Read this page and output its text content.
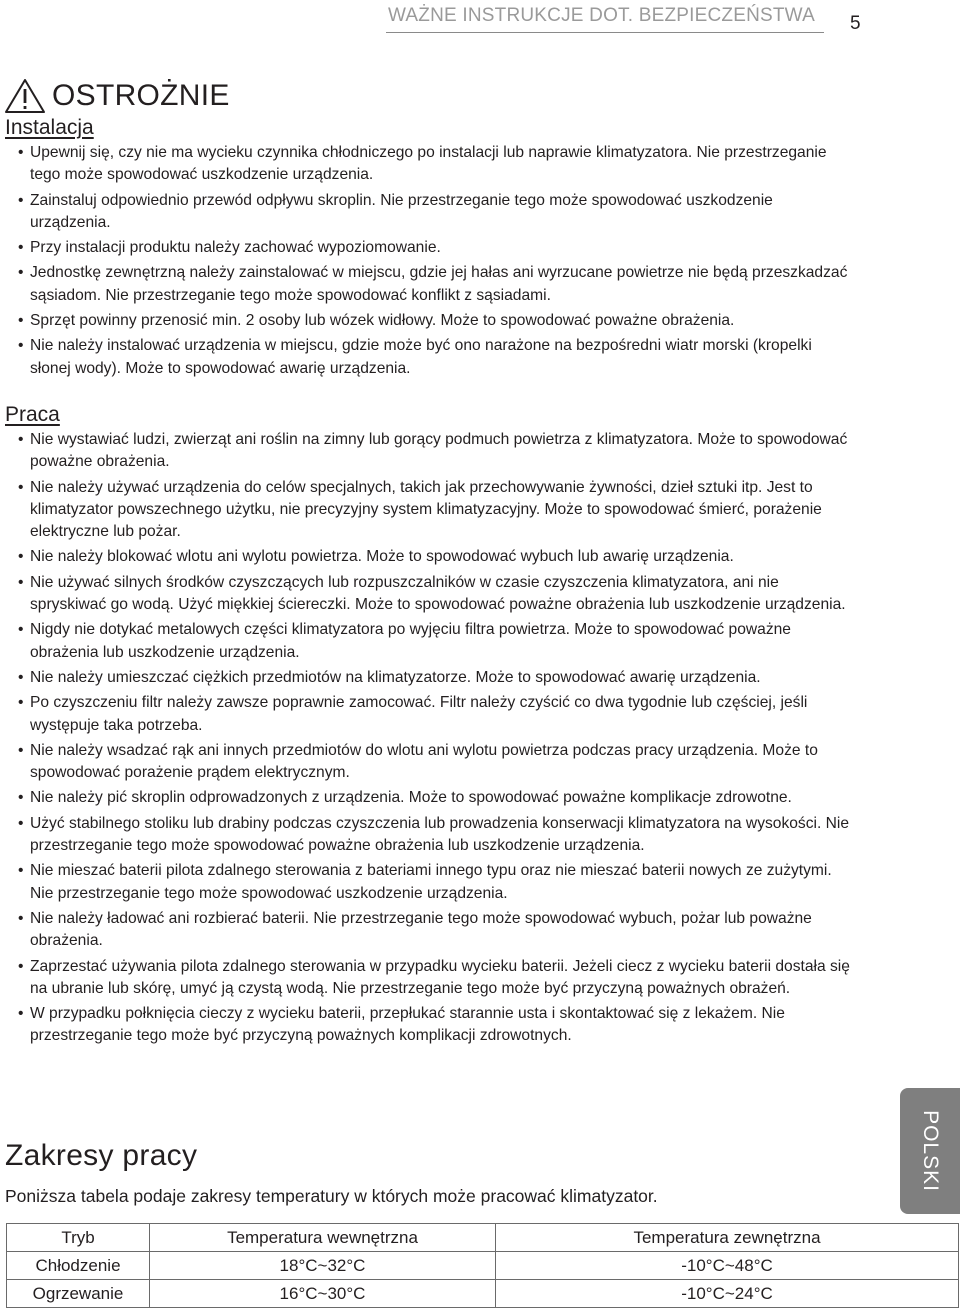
WAŻNE INSTRUKCJE DOT. BEZPIECZEŃSTWA 5
OSTROŻNIE
Instalacja
• Upewnij się, czy nie ma wycieku czynnika chłodniczego po instalacji lub naprawie klimatyzatora. Nie przestrzeganie tego może spowodować uszkodzenie urządzenia.
• Zainstaluj odpowiednio przewód odpływu skroplin. Nie przestrzeganie tego może spowodować uszkodzenie urządzenia.
• Przy instalacji produktu należy zachować wypoziomowanie.
• Jednostkę zewnętrzną należy zainstalować w miejscu, gdzie jej hałas ani wyrzucane powietrze nie będą przeszkadzać sąsiadom. Nie przestrzeganie tego może spowodować konflikt z sąsiadami.
• Sprzęt powinny przenosić min. 2 osoby lub wózek widłowy. Może to spowodować poważne obrażenia.
• Nie należy instalować urządzenia w miejscu, gdzie może być ono narażone na bezpośredni wiatr morski (kropelki słonej wody). Może to spowodować awarię urządzenia.
Praca
• Nie wystawiać ludzi, zwierząt ani roślin na zimny lub gorący podmuch powietrza z klimatyzatora. Może to spowodować poważne obrażenia.
• Nie należy używać urządzenia do celów specjalnych, takich jak przechowywanie żywności, dzieł sztuki itp. Jest to klimatyzator powszechnego użytku, nie precyzyjny system klimatyzacyjny. Może to spowodować śmierć, porażenie elektryczne lub pożar.
• Nie należy blokować wlotu ani wylotu powietrza. Może to spowodować wybuch lub awarię urządzenia.
• Nie używać silnych środków czyszczących lub rozpuszczalników w czasie czyszczenia klimatyzatora, ani nie spryskiwać go wodą. Użyć miękkiej ściereczki. Może to spowodować poważne obrażenia lub uszkodzenie urządzenia.
• Nigdy nie dotykać metalowych części klimatyzatora po wyjęciu filtra powietrza. Może to spowodować poważne obrażenia lub uszkodzenie urządzenia.
• Nie należy umieszczać ciężkich przedmiotów na klimatyzatorze. Może to spowodować awarię urządzenia.
• Po czyszczeniu filtr należy zawsze poprawnie zamocować. Filtr należy czyścić co dwa tygodnie lub częściej, jeśli występuje taka potrzeba.
• Nie należy wsadzać rąk ani innych przedmiotów do wlotu ani wylotu powietrza podczas pracy urządzenia. Może to spowodować porażenie prądem elektrycznym.
• Nie należy pić skroplin odprowadzonych z urządzenia. Może to spowodować poważne komplikacje zdrowotne.
• Użyć stabilnego stoliku lub drabiny podczas czyszczenia lub prowadzenia konserwacji klimatyzatora na wysokości. Nie przestrzeganie tego może spowodować poważne obrażenia lub uszkodzenie urządzenia.
• Nie mieszać baterii pilota zdalnego sterowania z bateriami innego typu oraz nie mieszać baterii nowych ze zużytymi. Nie przestrzeganie tego może spowodować uszkodzenie urządzenia.
• Nie należy ładować ani rozbierać baterii. Nie przestrzeganie tego może spowodować wybuch, pożar lub poważne obrażenia.
• Zaprzestać używania pilota zdalnego sterowania w przypadku wycieku baterii. Jeżeli ciecz z wycieku baterii dostała się na ubranie lub skórę, umyć ją czystą wodą. Nie przestrzeganie tego może być przyczyną poważnych obrażeń.
• W przypadku połknięcia cieczy z wycieku baterii, przepłukać starannie usta i skontaktować się z lekażem. Nie przestrzeganie tego może być przyczyną poważnych komplikacji zdrowotnych.
Zakresy pracy
Poniższa tabela podaje zakresy temperatury w których może pracować klimatyzator.
Tryb	Temperatura wewnętrzna	Temperatura zewnętrzna
Chłodzenie	18°C~32°C	-10°C~48°C
Ogrzewanie	16°C~30°C	-10°C~24°C
POLSKI
